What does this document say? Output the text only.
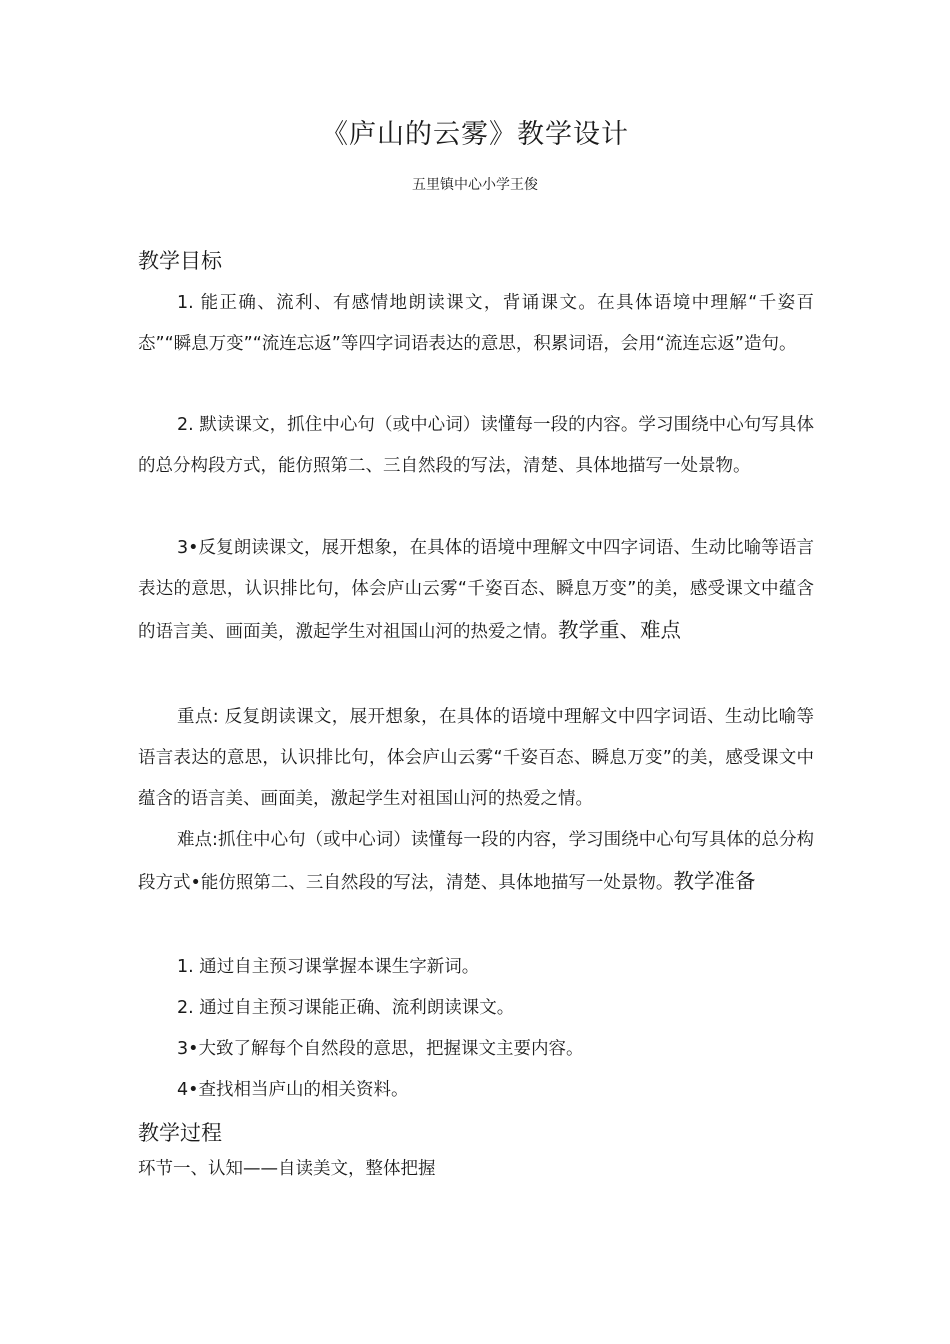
《庐山的云雾》教学设计

五里镇中心小学王俊

教学目标

1. 能正确、流利、有感情地朗读课文，背诵课文。在具体语境中理解“千姿百态”“瞬息万变”“流连忘返”等四字词语表达的意思，积累词语，会用“流连忘返”造句。

2. 默读课文，抓住中心句（或中心词）读懂每一段的内容。学习围绕中心句写具体的总分构段方式，能仿照第二、三自然段的写法，清楚、具体地描写一处景物。

3•反复朗读课文，展开想象，在具体的语境中理解文中四字词语、生动比喻等语言表达的意思，认识排比句，体会庐山云雾“千姿百态、瞬息万变”的美，感受课文中蕴含的语言美、画面美，激起学生对祖国山河的热爱之情。教学重、难点

重点: 反复朗读课文，展开想象，在具体的语境中理解文中四字词语、生动比喻等语言表达的意思，认识排比句，体会庐山云雾“千姿百态、瞬息万变”的美，感受课文中蕴含的语言美、画面美，激起学生对祖国山河的热爱之情。

难点:抓住中心句（或中心词）读懂每一段的内容，学习围绕中心句写具体的总分构段方式•能仿照第二、三自然段的写法，清楚、具体地描写一处景物。教学准备

1. 通过自主预习课掌握本课生字新词。

2. 通过自主预习课能正确、流利朗读课文。

3•大致了解每个自然段的意思，把握课文主要内容。

4•查找相当庐山的相关资料。

教学过程

环节一、认知——自读美文，整体把握
